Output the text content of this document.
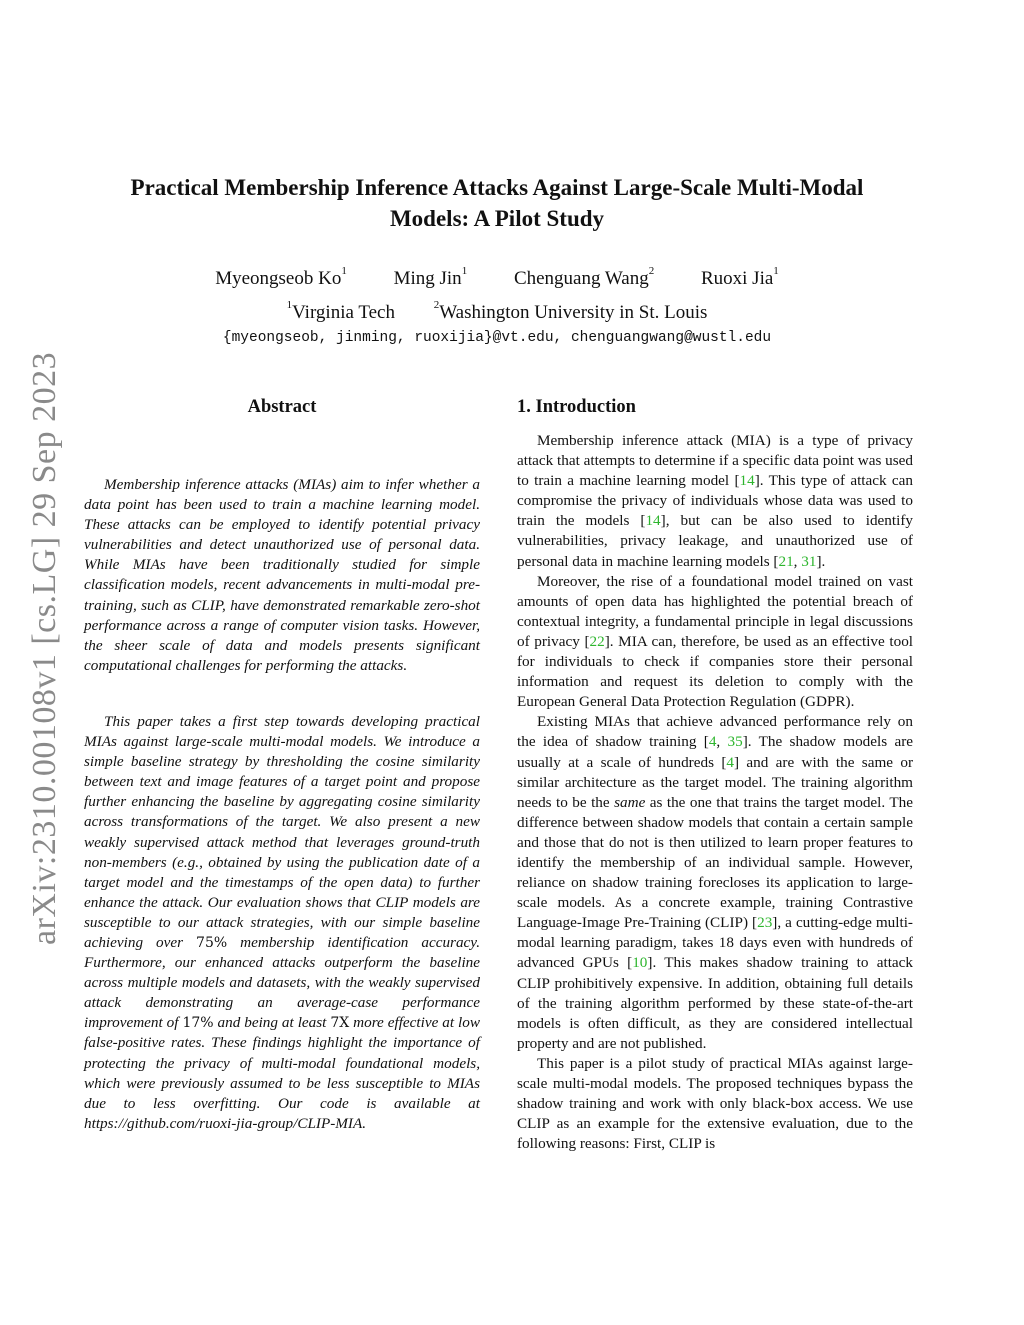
arXiv:2310.00108v1 [cs.LG] 29 Sep 2023
Practical Membership Inference Attacks Against Large-Scale Multi-Modal Models: A Pilot Study
Myeongseob Ko$^1$ Ming Jin$^1$ Chenguang Wang$^2$ Ruoxi Jia$^1$
$^1$Virginia Tech	$^2$Washington University in St. Louis
{myeongseob, jinming, ruoxijia}@vt.edu, chenguangwang@wustl.edu
Abstract

Membership inference attacks (MIAs) aim to infer whether a data point has been used to train a machine learning model. These attacks can be employed to identify potential privacy vulnerabilities and detect unauthorized use of personal data. While MIAs have been traditionally studied for simple classification models, recent advancements in multi-modal pre-training, such as CLIP, have demonstrated remarkable zero-shot performance across a range of computer vision tasks. However, the sheer scale of data and models presents significant computational challenges for performing the attacks.

This paper takes a first step towards developing practical MIAs against large-scale multi-modal models. We introduce a simple baseline strategy by thresholding the cosine similarity between text and image features of a target point and propose further enhancing the baseline by aggregating cosine similarity across transformations of the target. We also present a new weakly supervised attack method that leverages ground-truth non-members (e.g., obtained by using the publication date of a target model and the timestamps of the open data) to further enhance the attack. Our evaluation shows that CLIP models are susceptible to our attack strategies, with our simple baseline achieving over 75% membership identification accuracy. Furthermore, our enhanced attacks outperform the baseline across multiple models and datasets, with the weakly supervised attack demonstrating an average-case performance improvement of 17% and being at least 7X more effective at low false-positive rates. These findings highlight the importance of protecting the privacy of multi-modal foundational models, which were previously assumed to be less susceptible to MIAs due to less overfitting. Our code is available at https://github.com/ruoxi-jia-group/CLIP-MIA.

1. Introduction

Membership inference attack (MIA) is a type of privacy attack that attempts to determine if a specific data point was used to train a machine learning model [14]. This type of attack can compromise the privacy of individuals whose data was used to train the models [14], but can be also used to identify vulnerabilities, privacy leakage, and unauthorized use of personal data in machine learning models [21, 31].

Moreover, the rise of a foundational model trained on vast amounts of open data has highlighted the potential breach of contextual integrity, a fundamental principle in legal discussions of privacy [22]. MIA can, therefore, be used as an effective tool for individuals to check if companies store their personal information and request its deletion to comply with the European General Data Protection Regulation (GDPR).

Existing MIAs that achieve advanced performance rely on the idea of shadow training [4, 35]. The shadow models are usually at a scale of hundreds [4] and are with the same or similar architecture as the target model. The training algorithm needs to be the same as the one that trains the target model. The difference between shadow models that contain a certain sample and those that do not is then utilized to learn proper features to identify the membership of an individual sample. However, reliance on shadow training forecloses its application to large-scale models. As a concrete example, training Contrastive Language-Image Pre-Training (CLIP) [23], a cutting-edge multi-modal learning paradigm, takes 18 days even with hundreds of advanced GPUs [10]. This makes shadow training to attack CLIP prohibitively expensive. In addition, obtaining full details of the training algorithm performed by these state-of-the-art models is often difficult, as they are considered intellectual property and are not published.

This paper is a pilot study of practical MIAs against large-scale multi-modal models. The proposed techniques bypass the shadow training and work with only black-box access. We use CLIP as an example for the extensive evaluation, due to the following reasons: First, CLIP is
